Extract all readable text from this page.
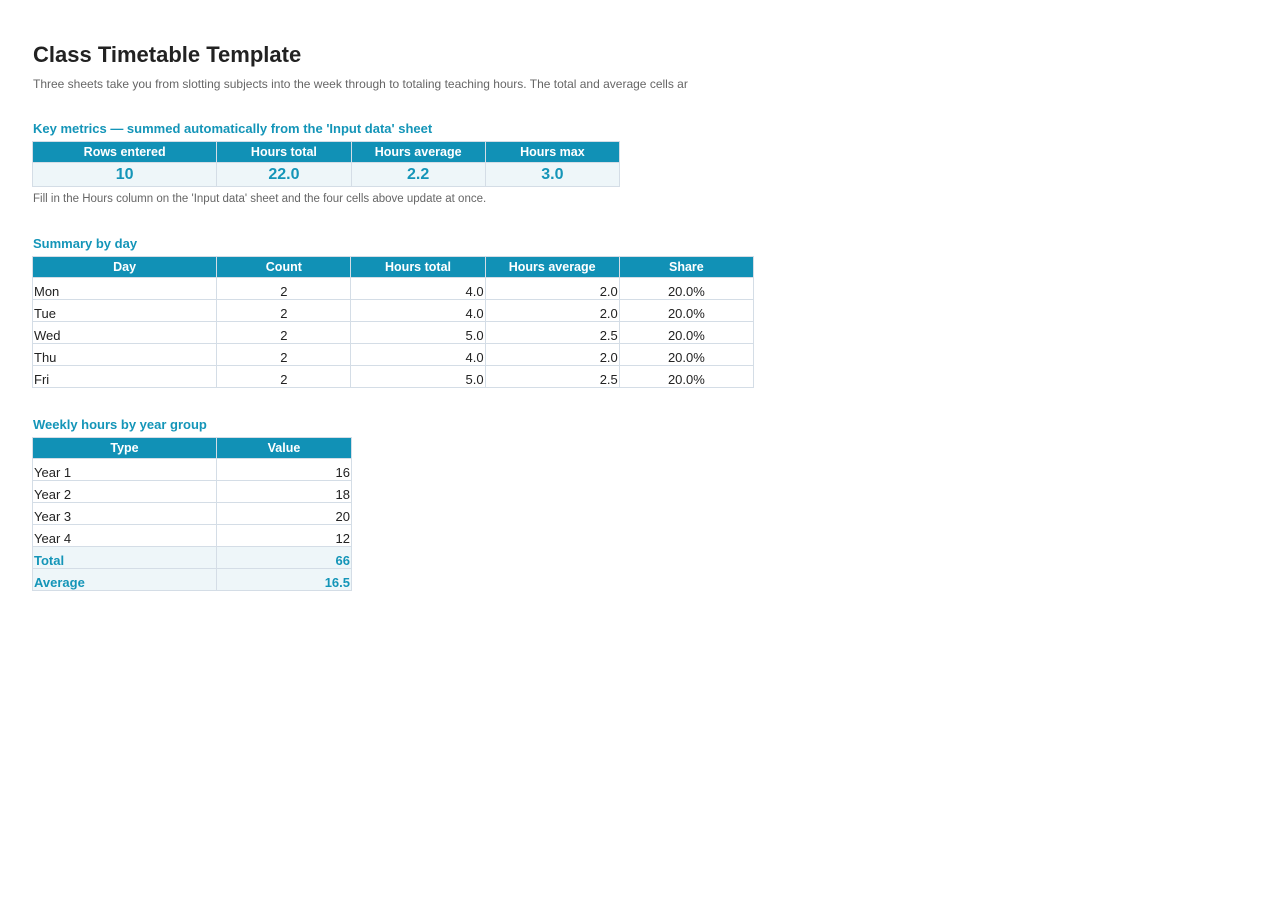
Class Timetable Template
Three sheets take you from slotting subjects into the week through to totaling teaching hours. The total and average cells ar
Key metrics — summed automatically from the 'Input data' sheet
Rows entered	Hours total	Hours average	Hours max
10	22.0	2.2	3.0
Fill in the Hours column on the 'Input data' sheet and the four cells above update at once.
Summary by day
Day	Count	Hours total	Hours average	Share
Mon	2	4.0	2.0	20.0%
Tue	2	4.0	2.0	20.0%
Wed	2	5.0	2.5	20.0%
Thu	2	4.0	2.0	20.0%
Fri	2	5.0	2.5	20.0%
Weekly hours by year group
Type	Value
Year 1	16
Year 2	18
Year 3	20
Year 4	12
Total	66
Average	16.5
